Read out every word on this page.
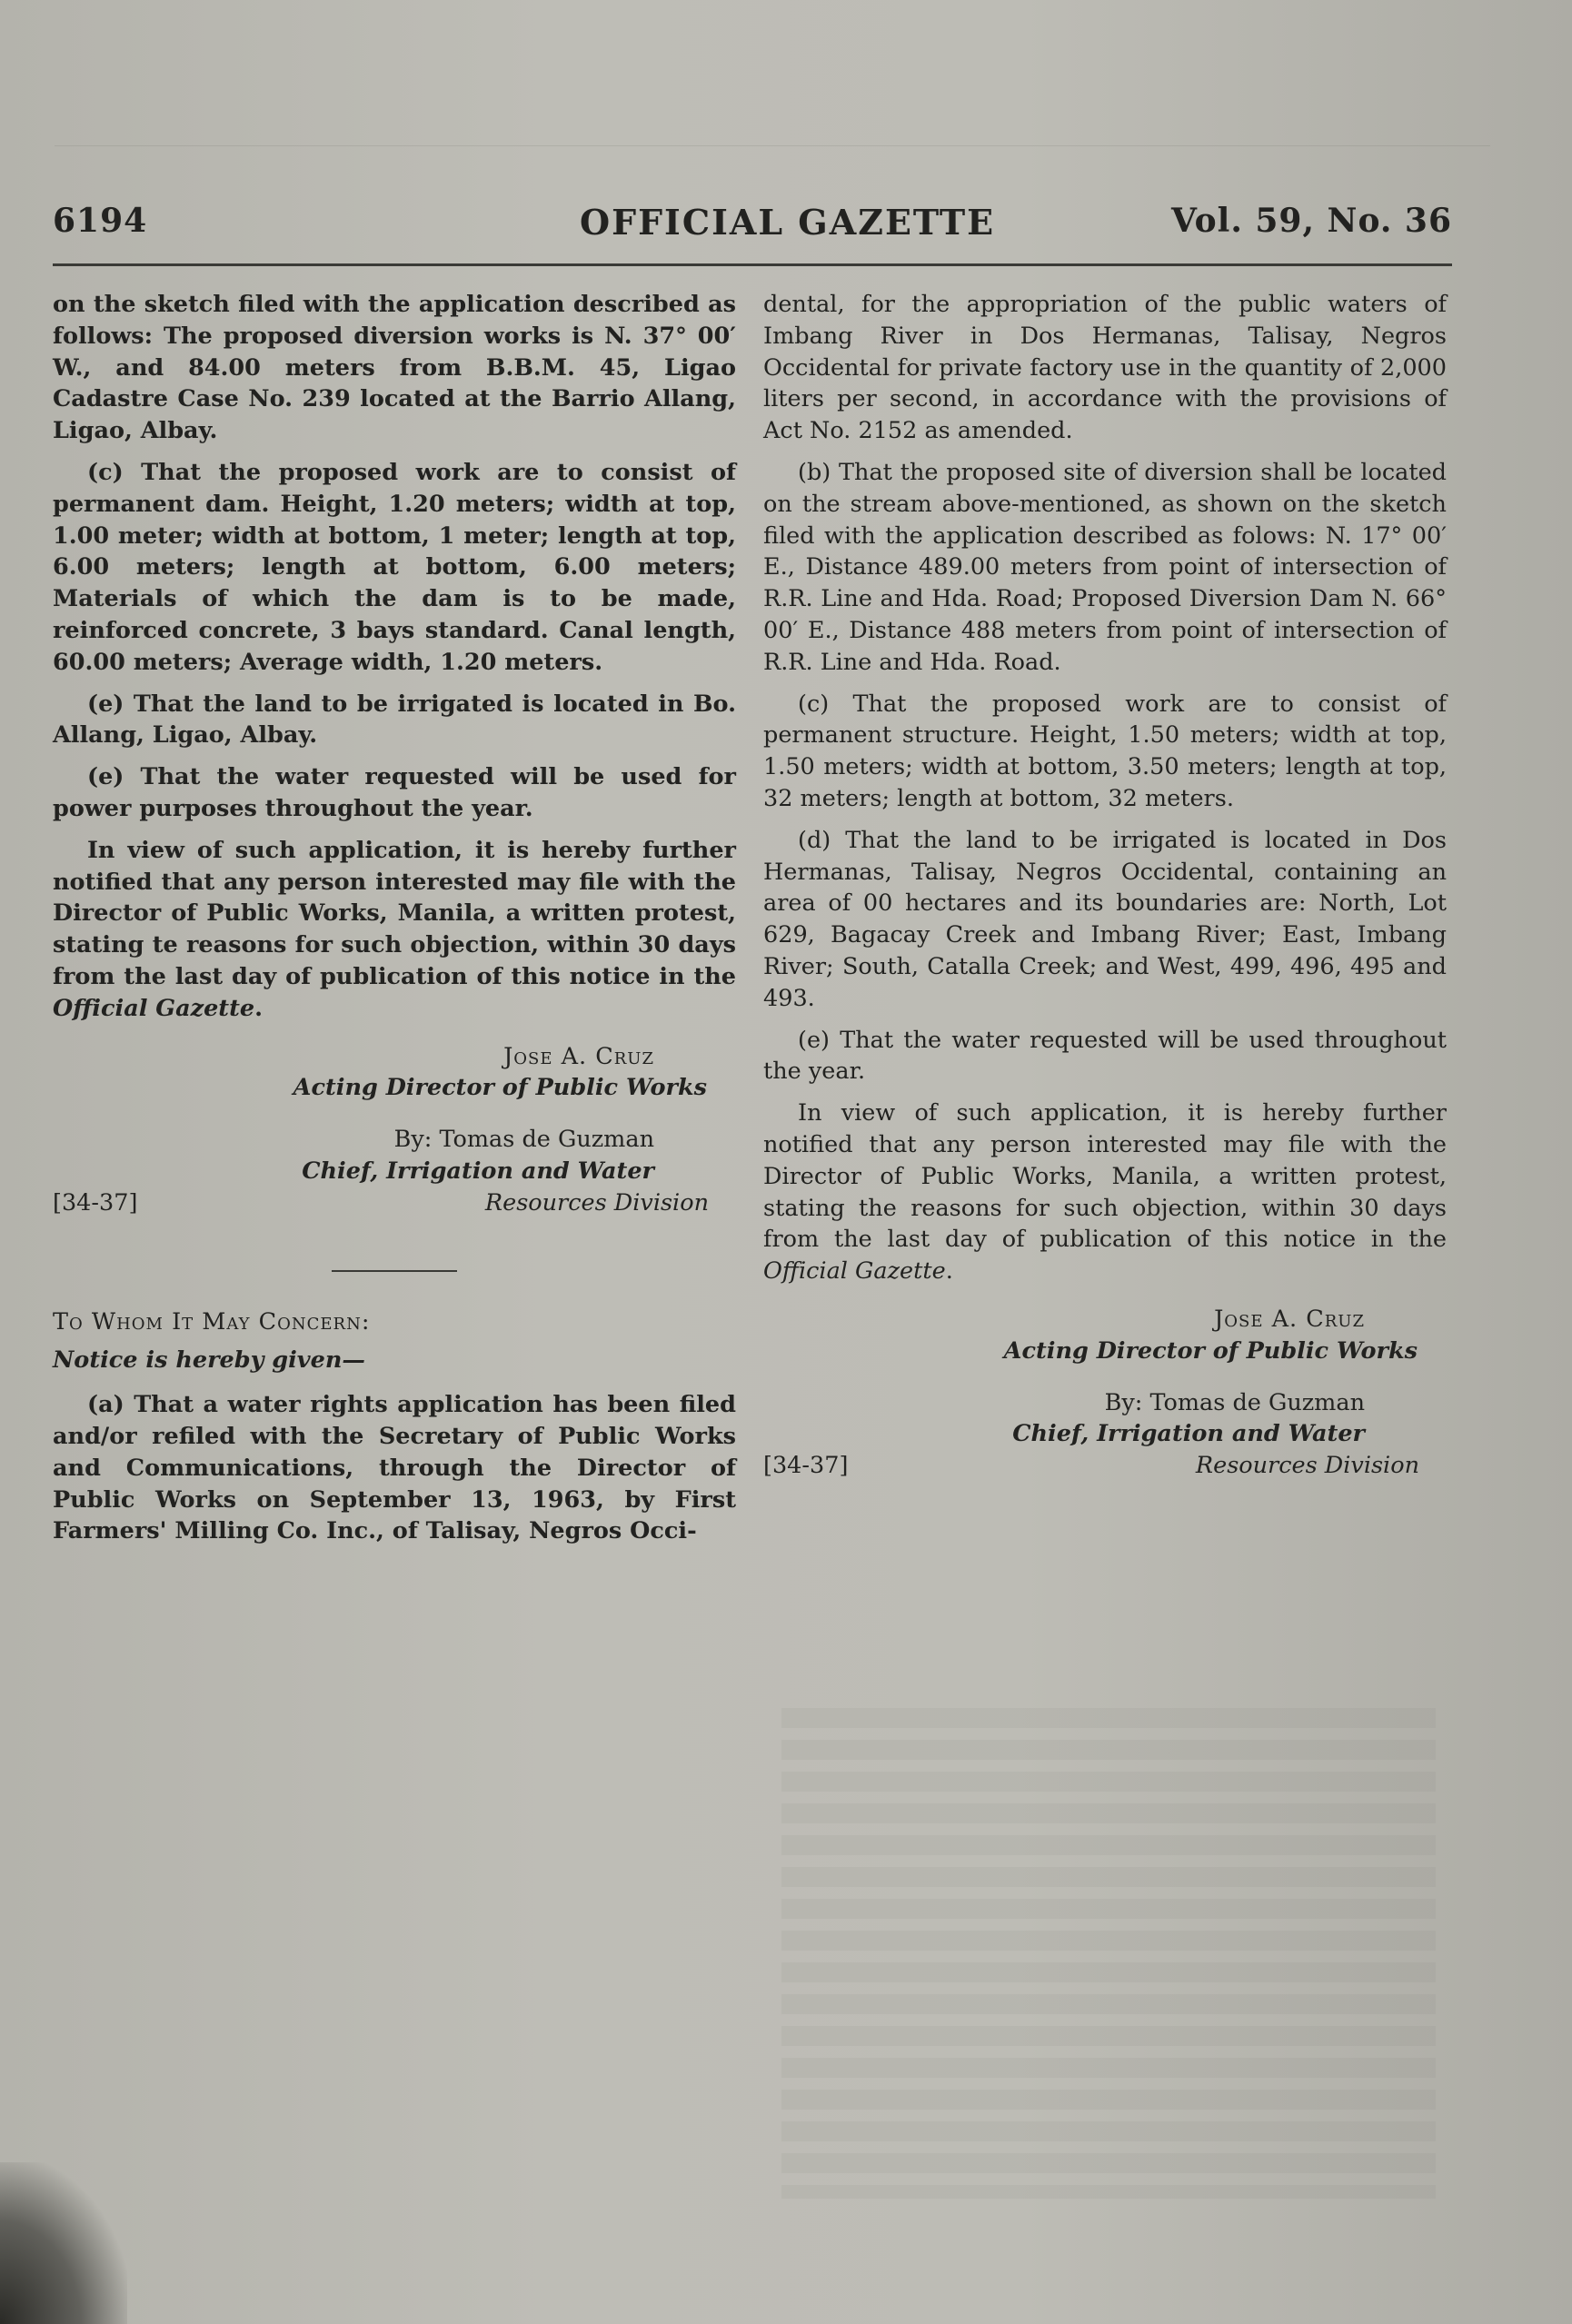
6194	OFFICIAL GAZETTE	Vol. 59, No. 36

on the sketch filed with the application described as follows: The proposed diversion works is N. 37° 00′ W., and 84.00 meters from B.B.M. 45, Ligao Cadastre Case No. 239 located at the Barrio Allang, Ligao, Albay.

(c) That the proposed work are to consist of permanent dam. Height, 1.20 meters; width at top, 1.00 meter; width at bottom, 1 meter; length at top, 6.00 meters; length at bottom, 6.00 meters; Materials of which the dam is to be made, reinforced concrete, 3 bays standard. Canal length, 60.00 meters; Average width, 1.20 meters.

(e) That the land to be irrigated is located in Bo. Allang, Ligao, Albay.

(e) That the water requested will be used for power purposes throughout the year.

In view of such application, it is hereby further notified that any person interested may file with the Director of Public Works, Manila, a written protest, stating te reasons for such objection, within 30 days from the last day of publication of this notice in the Official Gazette.

Jose A. Cruz
Acting Director of Public Works
By: Tomas de Guzman
Chief, Irrigation and Water
[34-37]	Resources Division

To Whom It May Concern:

Notice is hereby given—

(a) That a water rights application has been filed and/or refiled with the Secretary of Public Works and Communications, through the Director of Public Works on September 13, 1963, by First Farmers' Milling Co. Inc., of Talisay, Negros Occi-

dental, for the appropriation of the public waters of Imbang River in Dos Hermanas, Talisay, Negros Occidental for private factory use in the quantity of 2,000 liters per second, in accordance with the provisions of Act No. 2152 as amended.

(b) That the proposed site of diversion shall be located on the stream above-mentioned, as shown on the sketch filed with the application described as folows: N. 17° 00′ E., Distance 489.00 meters from point of intersection of R.R. Line and Hda. Road; Proposed Diversion Dam N. 66° 00′ E., Distance 488 meters from point of intersection of R.R. Line and Hda. Road.

(c) That the proposed work are to consist of permanent structure. Height, 1.50 meters; width at top, 1.50 meters; width at bottom, 3.50 meters; length at top, 32 meters; length at bottom, 32 meters.

(d) That the land to be irrigated is located in Dos Hermanas, Talisay, Negros Occidental, containing an area of 00 hectares and its boundaries are: North, Lot 629, Bagacay Creek and Imbang River; East, Imbang River; South, Catalla Creek; and West, 499, 496, 495 and 493.

(e) That the water requested will be used throughout the year.

In view of such application, it is hereby further notified that any person interested may file with the Director of Public Works, Manila, a written protest, stating the reasons for such objection, within 30 days from the last day of publication of this notice in the Official Gazette.

Jose A. Cruz
Acting Director of Public Works
By: Tomas de Guzman
Chief, Irrigation and Water
[34-37]	Resources Division
